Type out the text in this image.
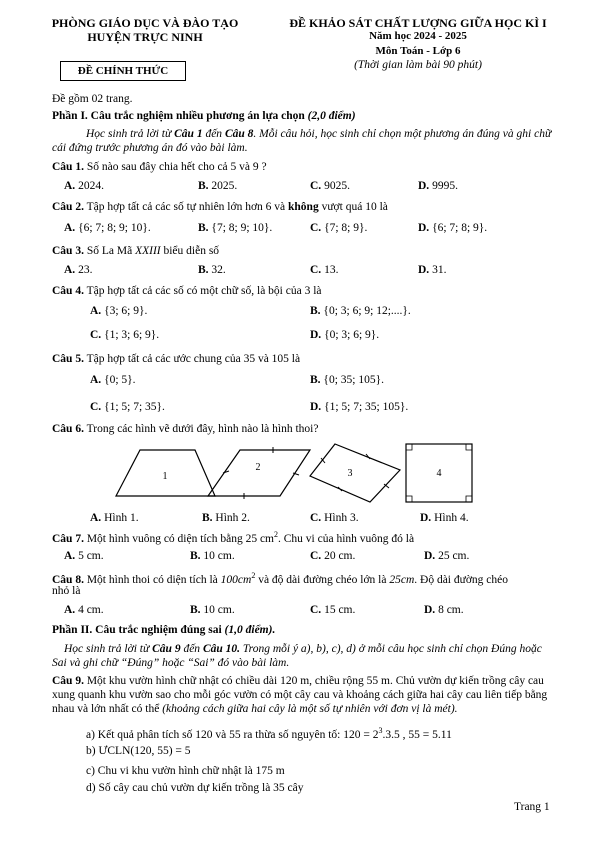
PHÒNG GIÁO DỤC VÀ ĐÀO TẠO
HUYỆN TRỰC NINH
ĐỀ CHÍNH THỨC
ĐỀ KHẢO SÁT CHẤT LƯỢNG GIỮA HỌC KÌ I
Năm học 2024 - 2025
Môn Toán - Lớp 6
(Thời gian làm bài 90 phút)
Đề gồm 02 trang.
Phần I. Câu trắc nghiệm nhiều phương án lựa chọn (2,0 điểm)
Học sinh trả lời từ Câu 1 đến Câu 8. Mỗi câu hỏi, học sinh chỉ chọn một phương án đúng và ghi chữ cái đứng trước phương án đó vào bài làm.
Câu 1. Số nào sau đây chia hết cho cả 5 và 9 ?
A. 2024.	B. 2025.	C. 9025.	D. 9995.
Câu 2. Tập hợp tất cả các số tự nhiên lớn hơn 6 và không vượt quá 10 là
A. {6; 7; 8; 9; 10}.	B. {7; 8; 9; 10}.	C. {7; 8; 9}.	D. {6; 7; 8; 9}.
Câu 3. Số La Mã XXIII biểu diễn số
A. 23.	B. 32.	C. 13.	D. 31.
Câu 4. Tập hợp tất cả các số có một chữ số, là bội của 3 là
A. {3; 6; 9}.	B. {0; 3; 6; 9; 12;....}.
C. {1; 3; 6; 9}.	D. {0; 3; 6; 9}.
Câu 5. Tập hợp tất cả các ước chung của 35 và 105 là
A. {0; 5}.	B. {0; 35; 105}.
C. {1; 5; 7; 35}.	D. {1; 5; 7; 35; 105}.
Câu 6. Trong các hình vẽ dưới đây, hình nào là hình thoi?
1
2
3	4
A. Hình 1.	B. Hình 2.	C. Hình 3.	D. Hình 4.
Câu 7. Một hình vuông có diện tích bằng 25 $cm^2$. Chu vi của hình vuông đó là
A. 5 cm.	B. 10 cm.	C. 20 cm.	D. 25 cm.
Câu 8. Một hình thoi có diện tích là $100cm^2$ và độ dài đường chéo lớn là 25cm. Độ dài đường chéo
nhỏ là
A. 4 cm.	B. 10 cm.	C. 15 cm.	D. 8 cm.
Phần II. Câu trắc nghiệm đúng sai (1,0 điểm).
Học sinh trả lời từ Câu 9 đến Câu 10. Trong mỗi ý a), b), c), d) ở mỗi câu học sinh chỉ chọn Đúng hoặc Sai và ghi chữ “Đúng” hoặc “Sai” đó vào bài làm.
Câu 9. Một khu vườn hình chữ nhật có chiều dài 120 m, chiều rộng 55 m. Chủ vườn dự kiến trồng cây cau xung quanh khu vườn sao cho mỗi góc vườn có một cây cau và khoảng cách giữa hai cây cau liên tiếp bằng nhau và lớn nhất có thể (khoảng cách giữa hai cây là một số tự nhiên với đơn vị là mét).
a) Kết quả phân tích số 120 và 55 ra thừa số nguyên tố: $120 = 2^3.3.5$ , 55 = 5.11
b) ƯCLN(120, 55) = 5
c) Chu vi khu vườn hình chữ nhật là 175 m
d) Số cây cau chủ vườn dự kiến trồng là 35 cây
Trang 1
